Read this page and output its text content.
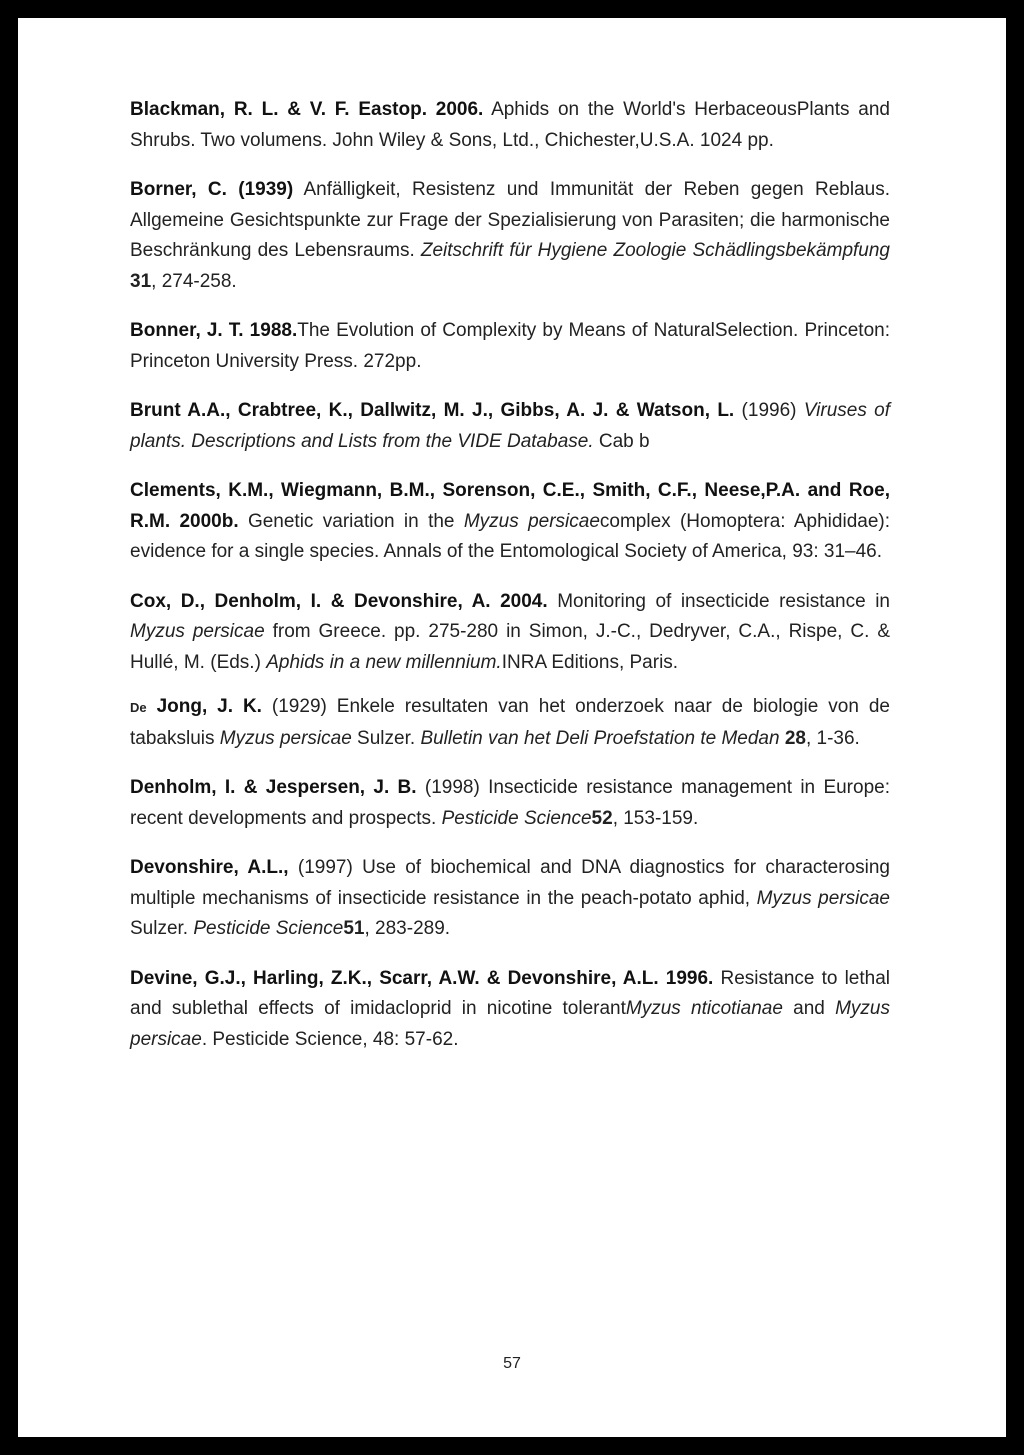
Blackman, R. L. & V. F. Eastop. 2006. Aphids on the World's HerbaceousPlants and Shrubs. Two volumens. John Wiley & Sons, Ltd., Chichester,U.S.A. 1024 pp.

Borner, C. (1939) Anfälligkeit, Resistenz und Immunität der Reben gegen Reblaus. Allgemeine Gesichtspunkte zur Frage der Spezialisierung von Parasiten; die harmonische Beschränkung des Lebensraums. Zeitschrift für Hygiene Zoologie Schädlingsbekämpfung 31, 274-258.

Bonner, J. T. 1988.The Evolution of Complexity by Means of NaturalSelection. Princeton: Princeton University Press. 272pp.

Brunt A.A., Crabtree, K., Dallwitz, M. J., Gibbs, A. J. & Watson, L. (1996) Viruses of plants. Descriptions and Lists from the VIDE Database. Cab b

Clements, K.M., Wiegmann, B.M., Sorenson, C.E., Smith, C.F., Neese,P.A. and Roe, R.M. 2000b. Genetic variation in the Myzus persicaecomplex (Homoptera: Aphididae): evidence for a single species. Annals of the Entomological Society of America, 93: 31–46.

Cox, D., Denholm, I. & Devonshire, A. 2004. Monitoring of insecticide resistance in Myzus persicae from Greece. pp. 275-280 in Simon, J.-C., Dedryver, C.A., Rispe, C. & Hullé, M. (Eds.) Aphids in a new millennium.INRA Editions, Paris.

De Jong, J. K. (1929) Enkele resultaten van het onderzoek naar de biologie von de tabaksluis Myzus persicae Sulzer. Bulletin van het Deli Proefstation te Medan 28, 1-36.

Denholm, I. & Jespersen, J. B. (1998) Insecticide resistance management in Europe: recent developments and prospects. Pesticide Science52, 153-159.

Devonshire, A.L., (1997) Use of biochemical and DNA diagnostics for characterosing multiple mechanisms of insecticide resistance in the peach-potato aphid, Myzus persicae Sulzer. Pesticide Science51, 283-289.

Devine, G.J., Harling, Z.K., Scarr, A.W. & Devonshire, A.L. 1996. Resistance to lethal and sublethal effects of imidacloprid in nicotine tolerantMyzus nticotianae and Myzus persicae. Pesticide Science, 48: 57-62.

57
